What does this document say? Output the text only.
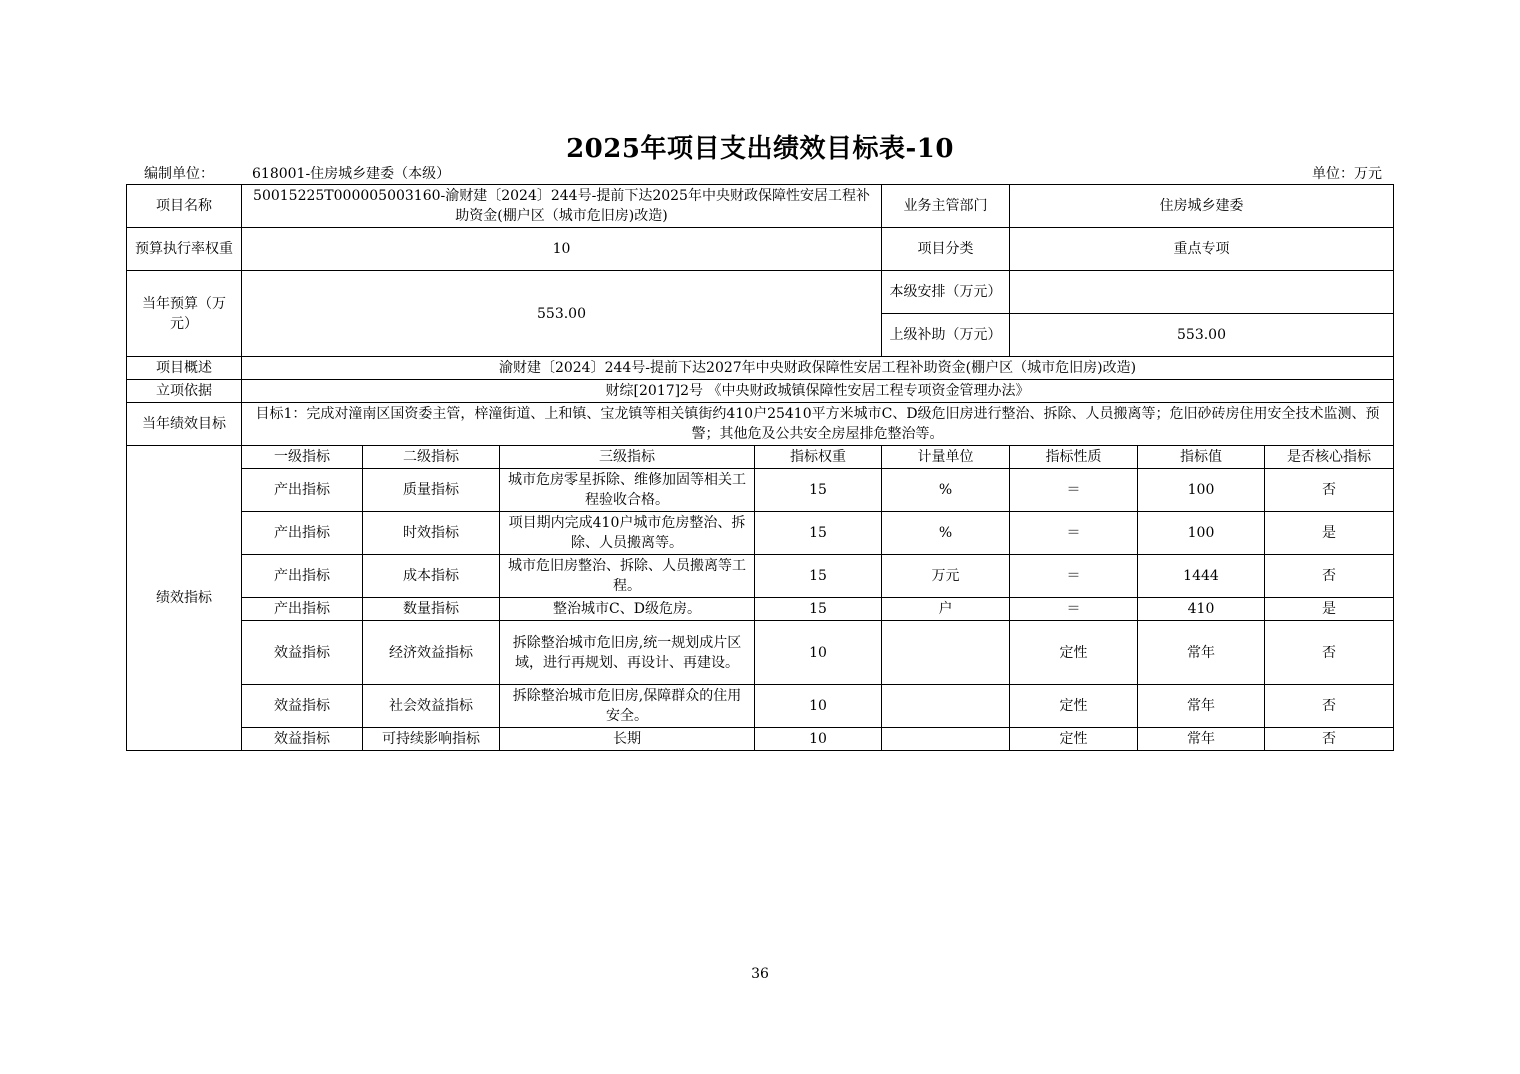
2025年项目支出绩效目标表-10
编制单位：	618001-住房城乡建委（本级）	单位：万元
项目名称	50015225T000005003160-渝财建〔2024〕244号-提前下达2025年中央财政保障性安居工程补助资金(棚户区（城市危旧房)改造)				业务主管部门	住房城乡建委		
预算执行率权重	10				项目分类	重点专项		
当年预算（万元）	553.00				本级安排（万元）			
					上级补助（万元）	553.00		
项目概述	渝财建〔2024〕244号-提前下达2027年中央财政保障性安居工程补助资金(棚户区（城市危旧房)改造)							
立项依据	财综[2017]2号 《中央财政城镇保障性安居工程专项资金管理办法》							
当年绩效目标	目标1：完成对潼南区国资委主管，梓潼街道、上和镇、宝龙镇等相关镇街约410户25410平方米城市C、D级危旧房进行整治、拆除、人员搬离等；危旧砂砖房住用安全技术监测、预警；其他危及公共安全房屋排危整治等。							
绩效指标	一级指标	二级指标	三级指标	指标权重	计量单位	指标性质	指标值	是否核心指标
	产出指标	质量指标	城市危房零星拆除、维修加固等相关工程验收合格。	15	%	＝	100	否
	产出指标	时效指标	项目期内完成410户城市危房整治、拆除、人员搬离等。	15	%	＝	100	是
	产出指标	成本指标	城市危旧房整治、拆除、人员搬离等工程。	15	万元	＝	1444	否
	产出指标	数量指标	整治城市C、D级危房。	15	户	＝	410	是
	效益指标	经济效益指标	拆除整治城市危旧房,统一规划成片区域，进行再规划、再设计、再建设。	10		定性	常年	否
	效益指标	社会效益指标	拆除整治城市危旧房,保障群众的住用安全。	10		定性	常年	否
	效益指标	可持续影响指标	长期	10		定性	常年	否
36
